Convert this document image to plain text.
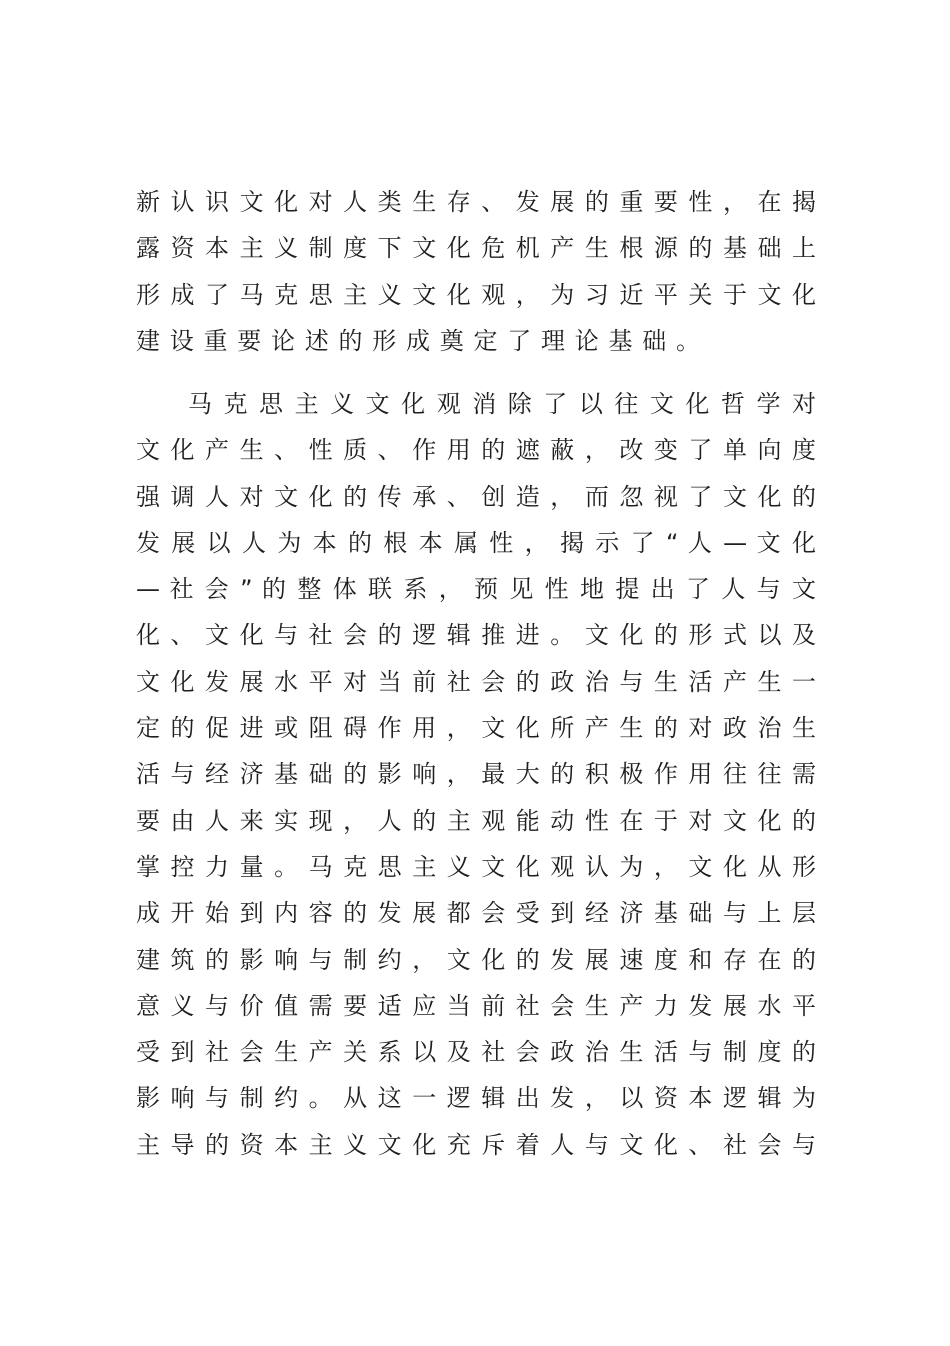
新 认 识 文 化 对 人 类 生 存 、 发 展 的 重 要 性 ， 在 揭
露 资 本 主 义 制 度 下 文 化 危 机 产 生 根 源 的 基 础 上
形 成 了 马 克 思 主 义 文 化 观 ， 为 习 近 平 关 于 文 化
建 设 重 要 论 述 的 形 成 奠 定 了 理 论 基 础 。
马 克 思 主 义 文 化 观 消 除 了 以 往 文 化 哲 学 对
文 化 产 生 、 性 质 、 作 用 的 遮 蔽 ， 改 变 了 单 向 度
强 调 人 对 文 化 的 传 承 、 创 造 ， 而 忽 视 了 文 化 的
发 展 以 人 为 本 的 根 本 属 性 ， 揭 示 了 “ 人 — 文 化
— 社 会 ” 的 整 体 联 系 ， 预 见 性 地 提 出 了 人 与 文
化 、 文 化 与 社 会 的 逻 辑 推 进 。 文 化 的 形 式 以 及
文 化 发 展 水 平 对 当 前 社 会 的 政 治 与 生 活 产 生 一
定 的 促 进 或 阻 碍 作 用 ， 文 化 所 产 生 的 对 政 治 生
活 与 经 济 基 础 的 影 响 ， 最 大 的 积 极 作 用 往 往 需
要 由 人 来 实 现 ， 人 的 主 观 能 动 性 在 于 对 文 化 的
掌 控 力 量 。 马 克 思 主 义 文 化 观 认 为 ， 文 化 从 形
成 开 始 到 内 容 的 发 展 都 会 受 到 经 济 基 础 与 上 层
建 筑 的 影 响 与 制 约 ， 文 化 的 发 展 速 度 和 存 在 的
意 义 与 价 值 需 要 适 应 当 前 社 会 生 产 力 发 展 水 平
受 到 社 会 生 产 关 系 以 及 社 会 政 治 生 活 与 制 度 的
影 响 与 制 约 。 从 这 一 逻 辑 出 发 ， 以 资 本 逻 辑 为
主 导 的 资 本 主 义 文 化 充 斥 着 人 与 文 化 、 社 会 与
